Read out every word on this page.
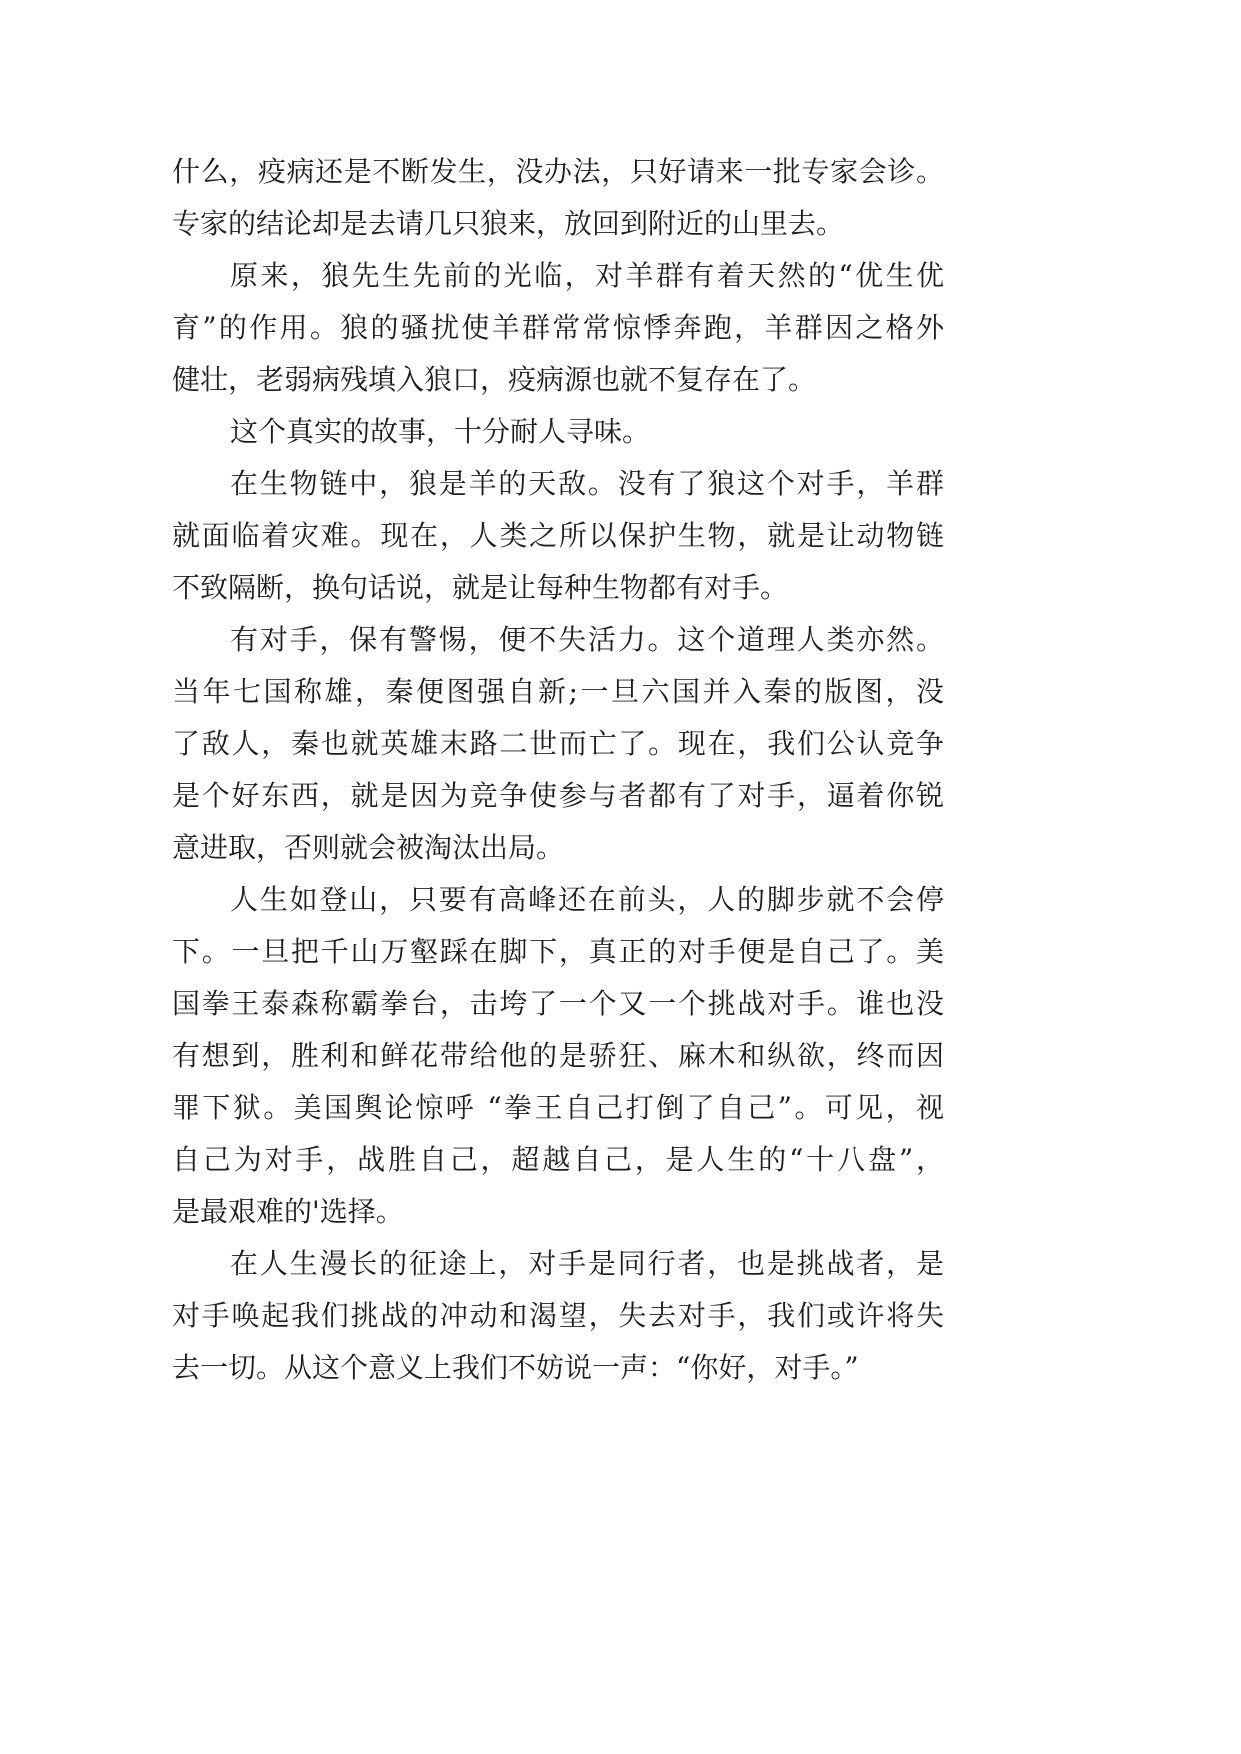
什么，疫病还是不断发生，没办法，只好请来一批专家会诊。
专家的结论却是去请几只狼来，放回到附近的山里去。
原来，狼先生先前的光临，对羊群有着天然的“优生优
育”的作用。狼的骚扰使羊群常常惊悸奔跑，羊群因之格外
健壮，老弱病残填入狼口，疫病源也就不复存在了。
这个真实的故事，十分耐人寻味。
在生物链中，狼是羊的天敌。没有了狼这个对手，羊群
就面临着灾难。现在，人类之所以保护生物，就是让动物链
不致隔断，换句话说，就是让每种生物都有对手。
有对手，保有警惕，便不失活力。这个道理人类亦然。
当年七国称雄，秦便图强自新;一旦六国并入秦的版图，没
了敌人，秦也就英雄末路二世而亡了。现在，我们公认竞争
是个好东西，就是因为竞争使参与者都有了对手，逼着你锐
意进取，否则就会被淘汰出局。
人生如登山，只要有高峰还在前头，人的脚步就不会停
下。一旦把千山万壑踩在脚下，真正的对手便是自己了。美
国拳王泰森称霸拳台，击垮了一个又一个挑战对手。谁也没
有想到，胜利和鲜花带给他的是骄狂、麻木和纵欲，终而因
罪下狱。美国舆论惊呼 “拳王自己打倒了自己”。可见，视
自己为对手，战胜自己，超越自己，是人生的“十八盘”，
是最艰难的'选择。
在人生漫长的征途上，对手是同行者，也是挑战者，是
对手唤起我们挑战的冲动和渴望，失去对手，我们或许将失
去一切。从这个意义上我们不妨说一声：“你好，对手。”
